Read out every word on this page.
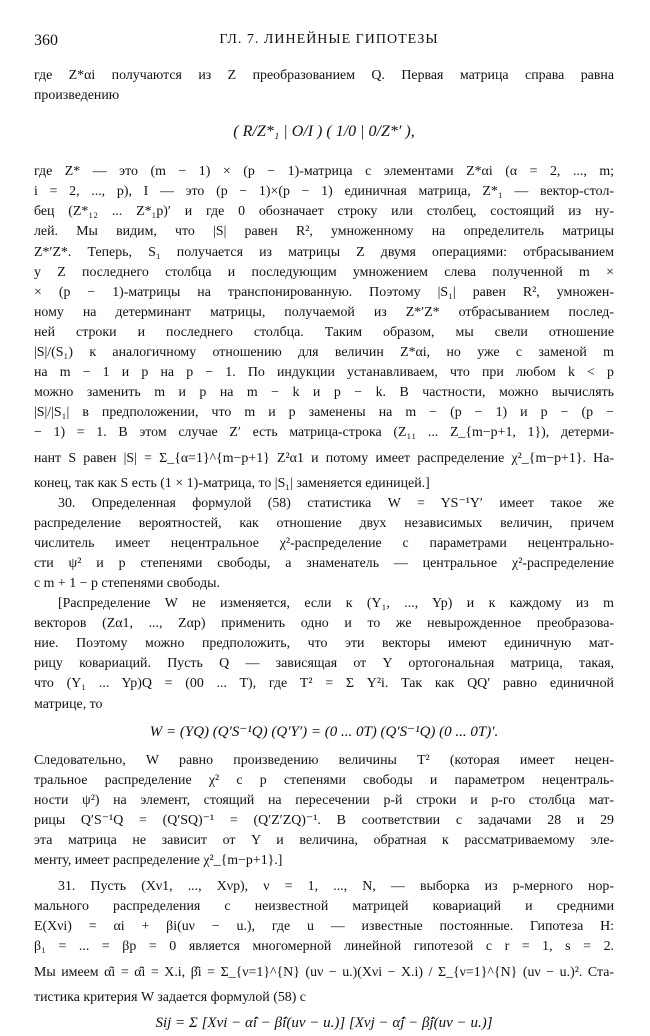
360	ГЛ. 7. ЛИНЕЙНЫЕ ГИПОТЕЗЫ
где Z*αi получаются из Z преобразованием Q. Первая матрица справа равна
произведению
( R/Z*₁ | O/I ) ( 1/0 | 0/Z*′ ),
где Z* — это (m − 1) × (p − 1)-матрица с элементами Z*αi (α = 2, ..., m;
i = 2, ..., p), I — это (p − 1)×(p − 1) единичная матрица, Z*₁ — вектор-стол-
бец (Z*₁₂ ... Z*₁p)′ и где 0 обозначает строку или столбец, состоящий из ну-
лей. Мы видим, что |S| равен R², умноженному на определитель матрицы
Z*′Z*. Теперь, S₁ получается из матрицы Z двумя операциями: отбрасыванием
у Z последнего столбца и последующим умножением слева полученной m ×
× (p − 1)-матрицы на транспонированную. Поэтому |S₁| равен R², умножен-
ному на детерминант матрицы, получаемой из Z*′Z* отбрасыванием послед-
ней строки и последнего столбца. Таким образом, мы свели отношение
|S|/(S₁) к аналогичному отношению для величин Z*αi, но уже с заменой m
на m − 1 и p на p − 1. По индукции устанавливаем, что при любом k < p
можно заменить m и p на m − k и p − k. В частности, можно вычислять
|S|/|S₁| в предположении, что m и p заменены на m − (p − 1) и p − (p −
− 1) = 1. В этом случае Z′ есть матрица-строка (Z₁₁ ... Z_{m−p+1, 1}), детерми-
нант S равен |S| = Σ_{α=1}^{m−p+1} Z²α1 и потому имеет распределение χ²_{m−p+1}. На-
конец, так как S есть (1 × 1)-матрица, то |S₁| заменяется единицей.]
30. Определенная формулой (58) статистика W = YS⁻¹Y′ имеет такое же
распределение вероятностей, как отношение двух независимых величин, причем
числитель имеет нецентральное χ²-распределение с параметрами нецентрально-
сти ψ² и p степенями свободы, а знаменатель — центральное χ²-распределение
с m + 1 − p степенями свободы.
[Распределение W не изменяется, если к (Y₁, ..., Yp) и к каждому из m
векторов (Zα1, ..., Zαp) применить одно и то же невырожденное преобразова-
ние. Поэтому можно предположить, что эти векторы имеют единичную мат-
рицу ковариаций. Пусть Q — зависящая от Y ортогональная матрица, такая,
что (Y₁ ... Yp)Q = (00 ... T), где T² = Σ Y²i. Так как QQ′ равно единичной
матрице, то
W = (YQ) (Q′S⁻¹Q) (Q′Y′) = (0 ... 0T) (Q′S⁻¹Q) (0 ... 0T)′.
Следовательно, W равно произведению величины T² (которая имеет нецен-
тральное распределение χ² с p степенями свободы и параметром нецентраль-
ности ψ²) на элемент, стоящий на пересечении p-й строки и p-го столбца мат-
рицы Q′S⁻¹Q = (Q′SQ)⁻¹ = (Q′Z′ZQ)⁻¹. В соответствии с задачами 28 и 29
эта матрица не зависит от Y и величина, обратная к рассматриваемому эле-
менту, имеет распределение χ²_{m−p+1}.]
31. Пусть (Xν1, ..., Xνp), ν = 1, ..., N, — выборка из p-мерного нор-
мального распределения с неизвестной матрицей ковариаций и средними
E(Xνi) = αi + βi(uν − u.), где u — известные постоянные. Гипотеза H:
β₁ = ... = βp = 0 является многомерной линейной гипотезой с r = 1, s = 2.
Мы имеем α̂i = α̂̂i = X.i, β̂i = Σ_{ν=1}^{N} (uν − u.)(Xνi − X.i) / Σ_{ν=1}^{N} (uν − u.)². Ста-
тистика критерия W задается формулой (58) с
Sij = Σ [Xνi − α̂i − β̂i(uν − u.)] [Xνj − α̂j − β̂j(uν − u.)]
